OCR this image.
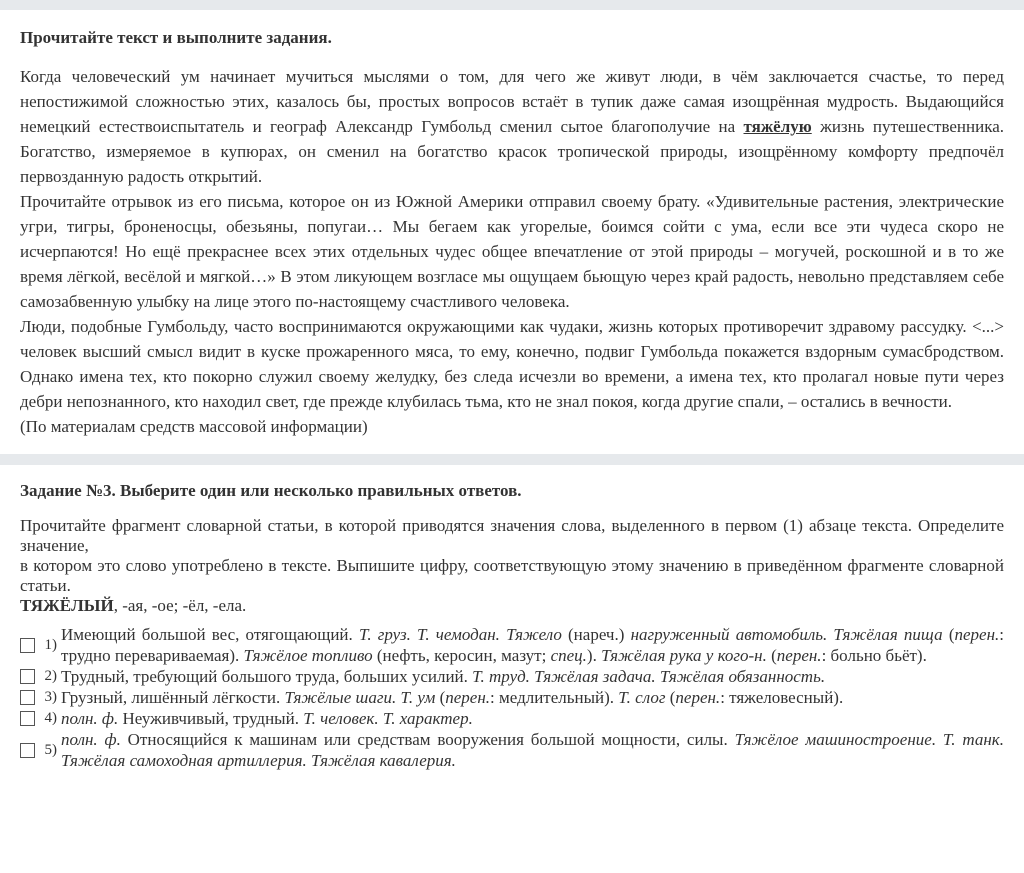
Прочитайте текст и выполните задания.

Когда человеческий ум начинает мучиться мыслями о том, для чего же живут люди, в чём заключается счастье, то перед непостижимой сложностью этих, казалось бы, простых вопросов встаёт в тупик даже самая изощрённая мудрость. Выдающийся немецкий естествоиспытатель и географ Александр Гумбольд сменил сытое благополучие на тяжёлую жизнь путешественника. Богатство, измеряемое в купюрах, он сменил на богатство красок тропической природы, изощрённому комфорту предпочёл первозданную радость открытий.

Прочитайте отрывок из его письма, которое он из Южной Америки отправил своему брату. «Удивительные растения, электрические угри, тигры, броненосцы, обезьяны, попугаи… Мы бегаем как угорелые, боимся сойти с ума, если все эти чудеса скоро не исчерпаются! Но ещё прекраснее всех этих отдельных чудес общее впечатление от этой природы – могучей, роскошной и в то же время лёгкой, весёлой и мягкой…» В этом ликующем возгласе мы ощущаем бьющую через край радость, невольно представляем себе самозабвенную улыбку на лице этого по-настоящему счастливого человека.

Люди, подобные Гумбольду, часто воспринимаются окружающими как чудаки, жизнь которых противоречит здравому рассудку. <...> человек высший смысл видит в куске прожаренного мяса, то ему, конечно, подвиг Гумбольда покажется вздорным сумасбродством. Однако имена тех, кто покорно служил своему желудку, без следа исчезли во времени, а имена тех, кто пролагал новые пути через дебри непознанного, кто находил свет, где прежде клубилась тьма, кто не знал покоя, когда другие спали, – остались в вечности.

(По материалам средств массовой информации)

Задание №3. Выберите один или несколько правильных ответов.

Прочитайте фрагмент словарной статьи, в которой приводятся значения слова, выделенного в первом (1) абзаце текста. Определите значение,

в котором это слово употреблено в тексте. Выпишите цифру, соответствующую этому значению в приведённом фрагменте словарной статьи.

ТЯЖЁЛЫЙ, -ая, -ое; -ёл, -ела.
1)
Имеющий большой вес, отягощающий. Т. груз. Т. чемодан. Тяжело (нареч.) нагруженный автомобиль. Тяжёлая пища (перен.: трудно перевариваемая). Тяжёлое топливо (нефть, керосин, мазут; спец.). Тяжёлая рука у кого-н. (перен.: больно бьёт).
2) Трудный, требующий большого труда, больших усилий. Т. труд. Тяжёлая задача. Тяжёлая обязанность.
3) Грузный, лишённый лёгкости. Тяжёлые шаги. Т. ум (перен.: медлительный). Т. слог (перен.: тяжеловесный).
4) полн. ф. Неуживчивый, трудный. Т. человек. Т. характер.
5)
полн. ф. Относящийся к машинам или средствам вооружения большой мощности, силы. Тяжёлое машиностроение. Т. танк. Тяжёлая самоходная артиллерия. Тяжёлая кавалерия.
